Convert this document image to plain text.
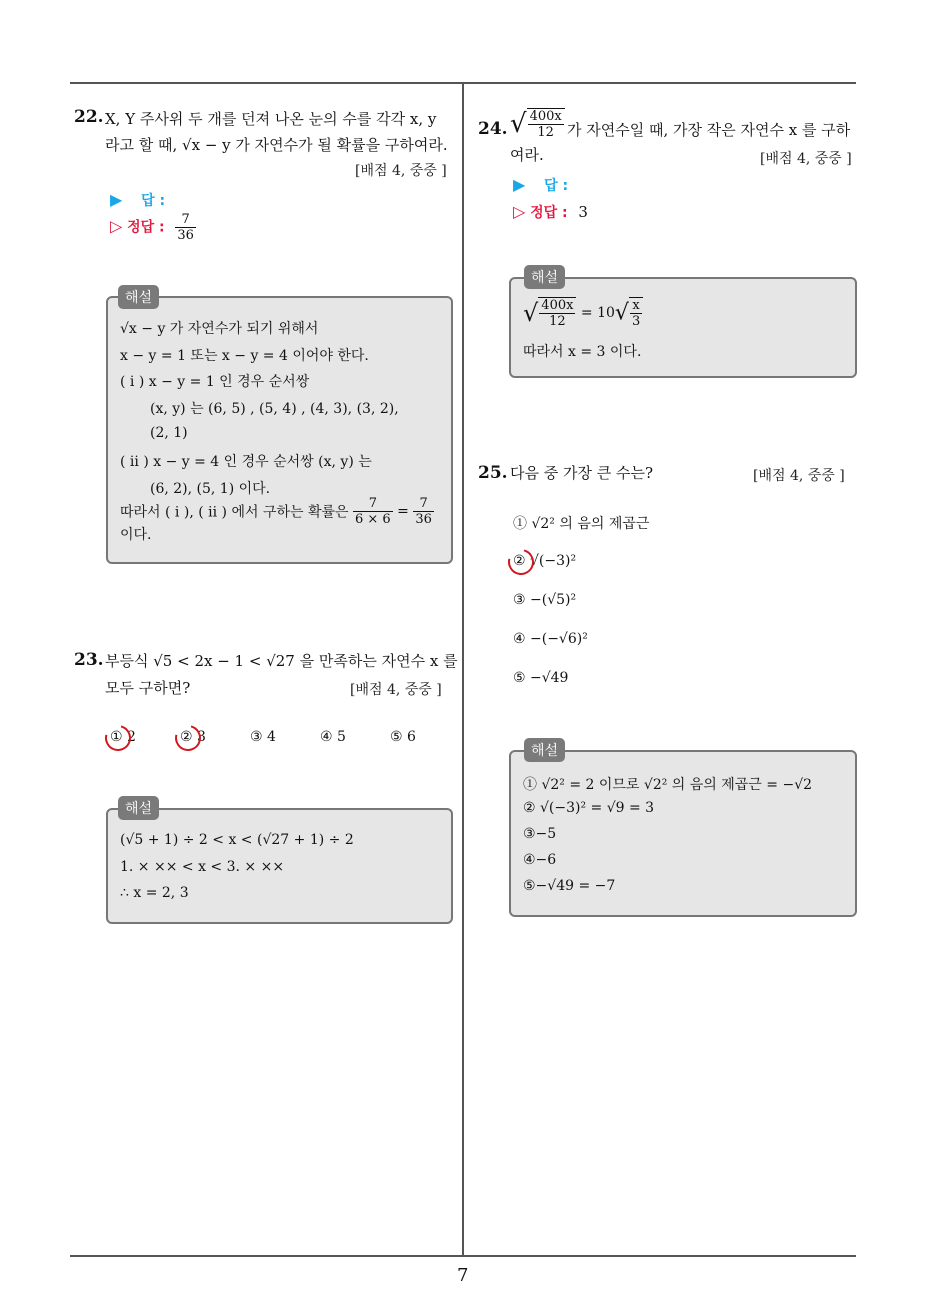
22. X, Y 주사위 두 개를 던져 나온 눈의 수를 각각 x, y
라고 할 때, √x − y 가 자연수가 될 확률을 구하여라.
[배점 4, 중중 ]
▶ 답 :
▷ 정답 : $\frac{7}{36}$
√x − y 가 자연수가 되기 위해서
x − y = 1 또는 x − y = 4 이어야 한다.
( i ) x − y = 1 인 경우 순서쌍
(x, y) 는 (6, 5) , (5, 4) , (4, 3), (3, 2),
(2, 1)
( ii ) x − y = 4 인 경우 순서쌍 (x, y) 는
(6, 2), (5, 1) 이다.
따라서 ( i ), ( ii ) 에서 구하는 확률은 $\frac{7}{6 \times 6} = \frac{7}{36}$
이다.
해설
23. 부등식 √5 < 2x − 1 < √27 을 만족하는 자연수 x 를
모두 구하면?	[배점 4, 중중 ]
① 2	② 3	③ 4	④ 5	⑤ 6
(√5 + 1) ÷ 2 < x < (√27 + 1) ÷ 2
1. × ×× < x < 3. × ××
∴ x = 2, 3
해설
24. √ $\frac{400x}{12}$ 가 자연수일 때, 가장 작은 자연수 x 를 구하
여라.	[배점 4, 중중 ]
▶ 답 :
▷ 정답 : 3
√ $\frac{400x}{12} = 10√ \frac{x}{3}$
따라서 x = 3 이다.
해설
25. 다음 중 가장 큰 수는?	[배점 4, 중중 ]
① √2² 의 음의 제곱근
② √(−3)²
③ −(√5)²
④ −(−√6)²
⑤ −√49
① √2² = 2 이므로 √2² 의 음의 제곱근 = −√2
② √(−3)² = √9 = 3
③−5
④−6
⑤−√49 = −7
해설
7
